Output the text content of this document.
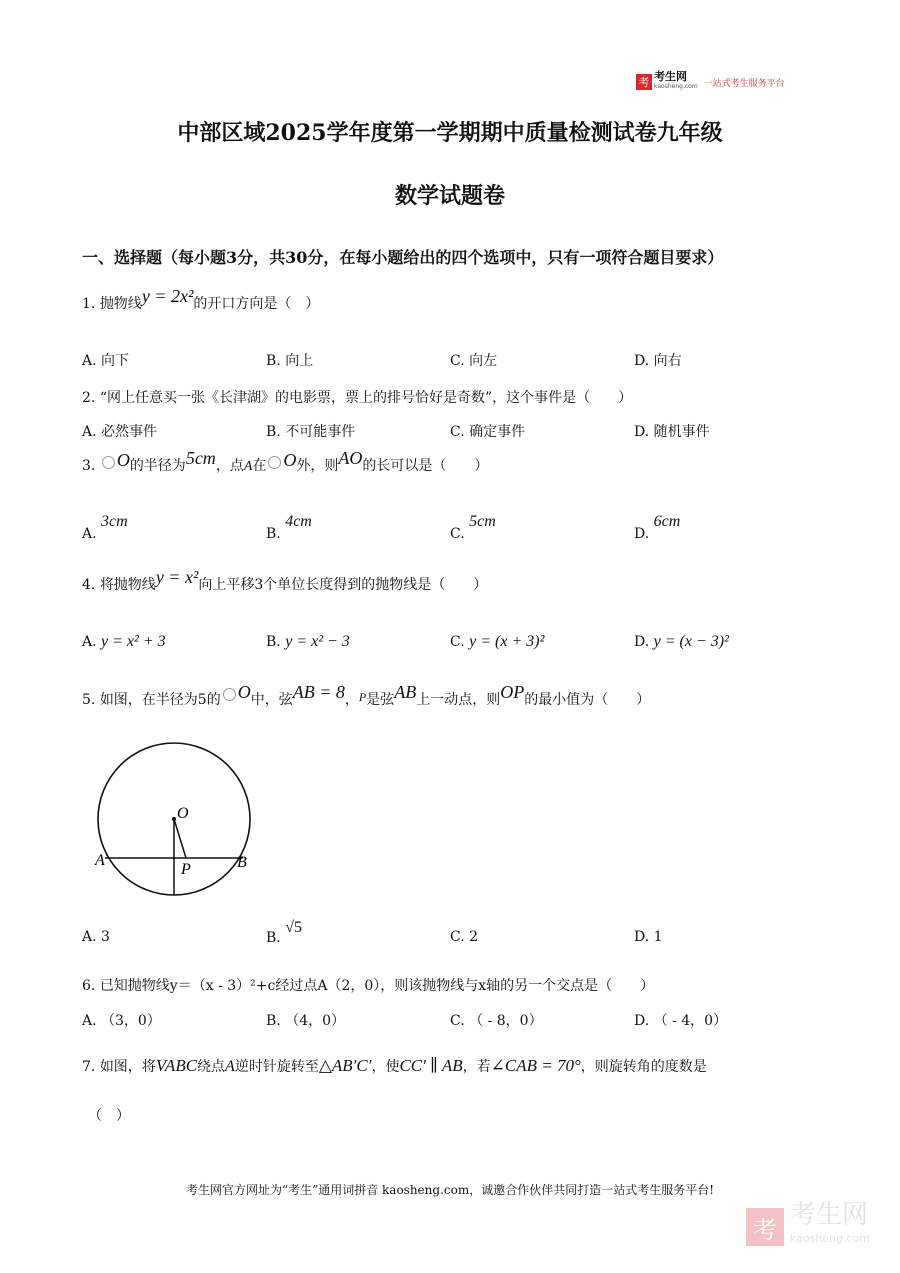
考 考生网
kaosheng.com 一站式考生服务平台
中部区域2025学年度第一学期期中质量检测试卷九年级
数学试题卷
一、选择题（每小题3分，共30分，在每小题给出的四个选项中，只有一项符合题目要求）
1. 抛物线y = 2x²的开口方向是（　）
A. 向下	B. 向上	C. 向左	D. 向右
2. “网上任意买一张《长津湖》的电影票，票上的排号恰好是奇数”，这个事件是（　　）
A. 必然事件	B. 不可能事件	C. 确定事件	D. 随机事件
3. O的半径为5cm，点A在 O外，则AO的长可以是（　　）
A. 3cm
B. 4cm
C. 5cm
D. 6cm
4. 将抛物线y = x²向上平移3个单位长度得到的抛物线是（　　）
A. y = x² + 3	B. y = x² − 3	C. y = (x + 3)²	D. y = (x − 3)²
5. 如图，在半径为5的 O中，弦AB = 8，P是弦AB上一动点，则OP的最小值为（　　）
O
A	B
P
A. 3	B. √5
C. 2	D. 1
6. 已知抛物线y＝（x - 3）²+c经过点A（2，0），则该抛物线与x轴的另一个交点是（　　）
A. （3，0）	B. （4，0）	C. （ - 8，0）	D. （ - 4，0）
7. 如图，将VABC绕点A逆时针旋转至△AB′C′，使CC′ ∥ AB，若∠CAB = 70°，则旋转角的度数是
（　）
考生网官方网址为“考生”通用词拼音 kaosheng.com，诚邀合作伙伴共同打造一站式考生服务平台!
考 考生网
kaosheng.com
